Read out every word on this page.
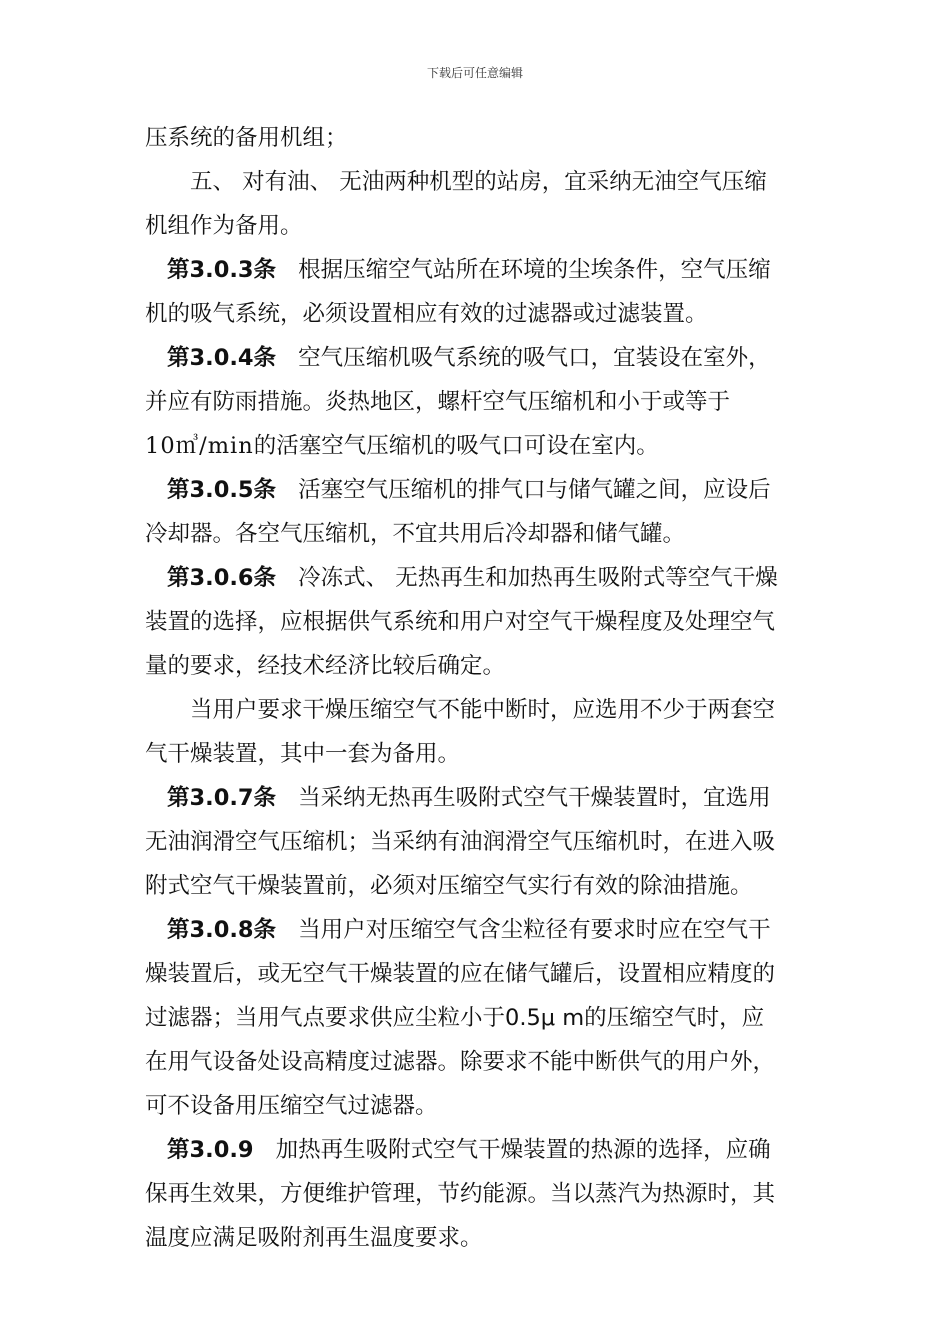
下载后可任意编辑
压系统的备用机组；
五、 对有油、 无油两种机型的站房，宜采纳无油空气压缩
机组作为备用。
第3.0.3条 根据压缩空气站所在环境的尘埃条件，空气压缩
机的吸气系统，必须设置相应有效的过滤器或过滤装置。
第3.0.4条 空气压缩机吸气系统的吸气口，宜装设在室外，
并应有防雨措施。炎热地区，螺杆空气压缩机和小于或等于
10㎥/min的活塞空气压缩机的吸气口可设在室内。
第3.0.5条 活塞空气压缩机的排气口与储气罐之间，应设后
冷却器。各空气压缩机，不宜共用后冷却器和储气罐。
第3.0.6条 冷冻式、 无热再生和加热再生吸附式等空气干燥
装置的选择，应根据供气系统和用户对空气干燥程度及处理空气
量的要求，经技术经济比较后确定。
当用户要求干燥压缩空气不能中断时，应选用不少于两套空
气干燥装置，其中一套为备用。
第3.0.7条 当采纳无热再生吸附式空气干燥装置时，宜选用
无油润滑空气压缩机；当采纳有油润滑空气压缩机时，在进入吸
附式空气干燥装置前，必须对压缩空气实行有效的除油措施。
第3.0.8条 当用户对压缩空气含尘粒径有要求时应在空气干
燥装置后，或无空气干燥装置的应在储气罐后，设置相应精度的
过滤器；当用气点要求供应尘粒小于0.5μ m的压缩空气时，应
在用气设备处设高精度过滤器。除要求不能中断供气的用户外，
可不设备用压缩空气过滤器。
第3.0.9 加热再生吸附式空气干燥装置的热源的选择，应确
保再生效果，方便维护管理，节约能源。当以蒸汽为热源时，其
温度应满足吸附剂再生温度要求。
